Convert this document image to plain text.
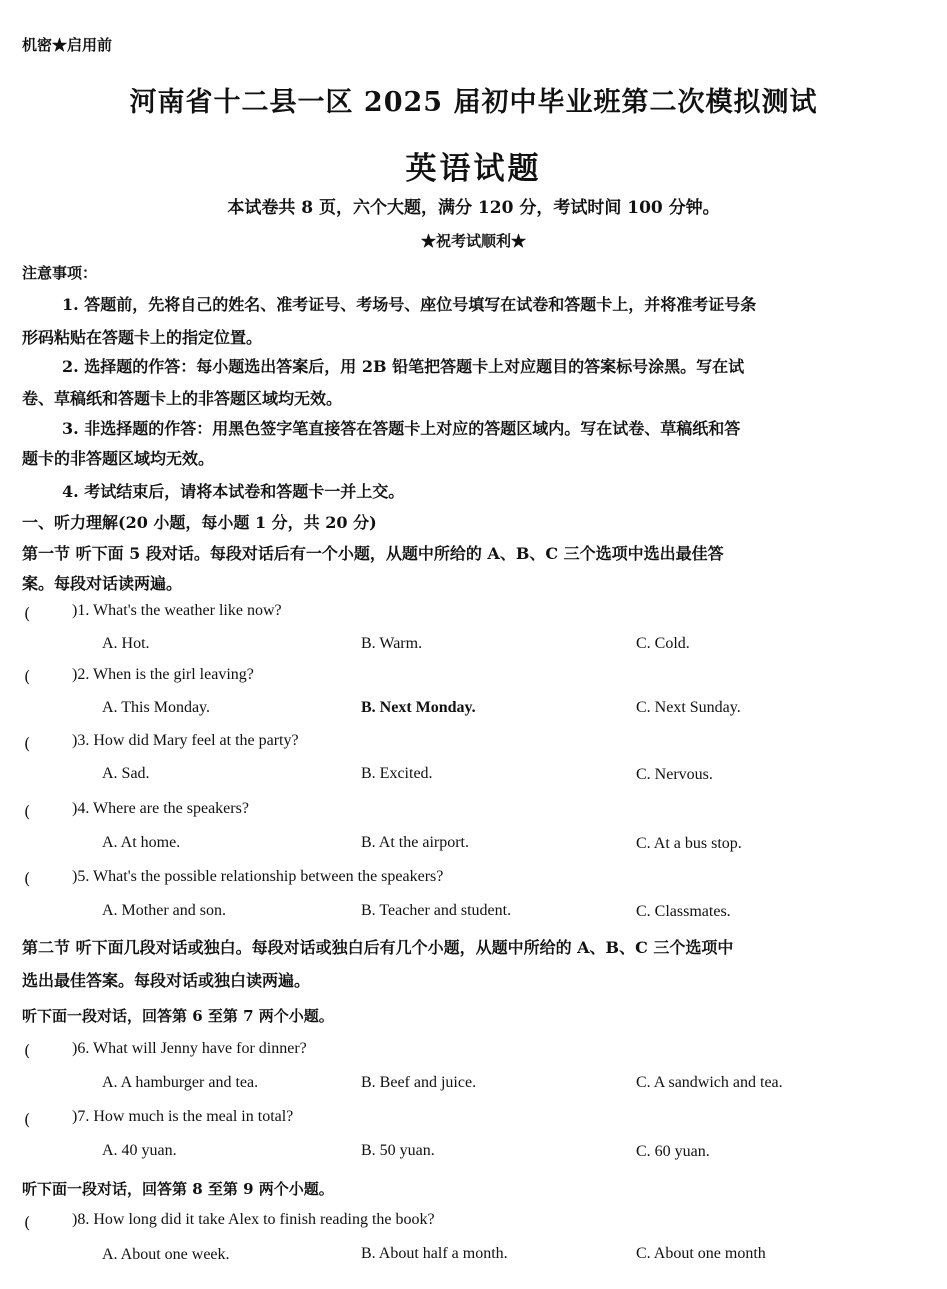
机密★启用前
河南省十二县一区 2025 届初中毕业班第二次模拟测试
英语试题
本试卷共 8 页，六个大题，满分 120 分，考试时间 100 分钟。
★祝考试顺利★
注意事项：
1. 答题前，先将自己的姓名、准考证号、考场号、座位号填写在试卷和答题卡上，并将准考证号条
形码粘贴在答题卡上的指定位置。
2. 选择题的作答：每小题选出答案后，用 2B 铅笔把答题卡上对应题目的答案标号涂黑。写在试
卷、草稿纸和答题卡上的非答题区域均无效。
3. 非选择题的作答：用黑色签字笔直接答在答题卡上对应的答题区域内。写在试卷、草稿纸和答
题卡的非答题区域均无效。
4. 考试结束后，请将本试卷和答题卡一并上交。
一、听力理解(20 小题，每小题 1 分，共 20 分)
第一节 听下面 5 段对话。每段对话后有一个小题，从题中所给的 A、B、C 三个选项中选出最佳答
案。每段对话读两遍。
(	)1. What's the weather like now?
A. Hot.	B. Warm.	C. Cold.
(	)2. When is the girl leaving?
A. This Monday.	B. Next Monday.	C. Next Sunday.
(	)3. How did Mary feel at the party?
A. Sad.	B. Excited.	C. Nervous.
(	)4. Where are the speakers?
A. At home.	B. At the airport.	C. At a bus stop.
(	)5. What's the possible relationship between the speakers?
A. Mother and son.	B. Teacher and student.	C. Classmates.
第二节 听下面几段对话或独白。每段对话或独白后有几个小题，从题中所给的 A、B、C 三个选项中
选出最佳答案。每段对话或独白读两遍。
听下面一段对话，回答第 6 至第 7 两个小题。
(	)6. What will Jenny have for dinner?
A. A hamburger and tea.	B. Beef and juice.	C. A sandwich and tea.
(	)7. How much is the meal in total?
A. 40 yuan.	B. 50 yuan.	C. 60 yuan.
听下面一段对话，回答第 8 至第 9 两个小题。
(	)8. How long did it take Alex to finish reading the book?
A. About one week.	B. About half a month.	C. About one month
